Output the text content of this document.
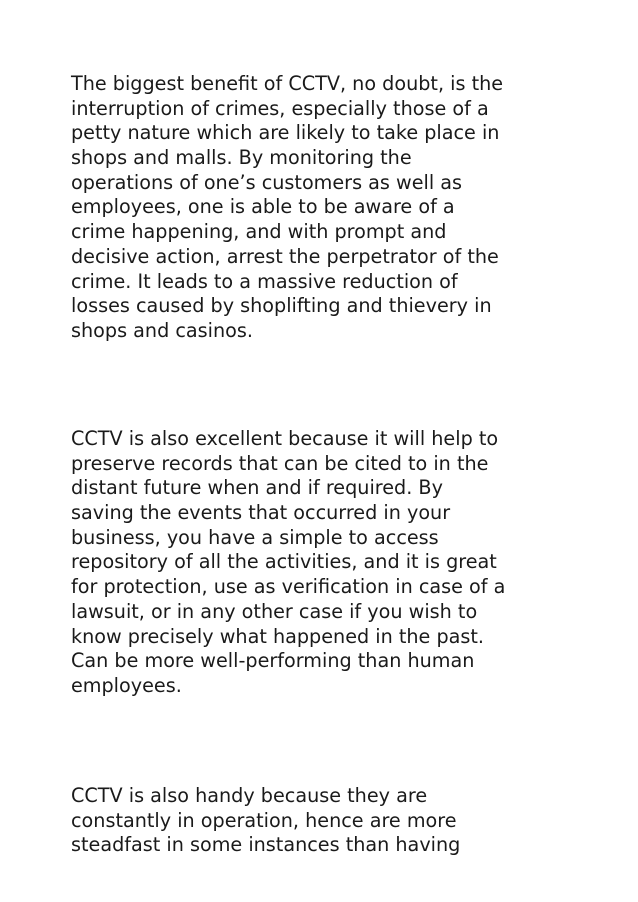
The biggest benefit of CCTV, no doubt, is the
interruption of crimes, especially those of a
petty nature which are likely to take place in
shops and malls. By monitoring the
operations of one’s customers as well as
employees, one is able to be aware of a
crime happening, and with prompt and
decisive action, arrest the perpetrator of the
crime. It leads to a massive reduction of
losses caused by shoplifting and thievery in
shops and casinos.

CCTV is also excellent because it will help to
preserve records that can be cited to in the
distant future when and if required. By
saving the events that occurred in your
business, you have a simple to access
repository of all the activities, and it is great
for protection, use as verification in case of a
lawsuit, or in any other case if you wish to
know precisely what happened in the past.
Can be more well-performing than human
employees.

CCTV is also handy because they are
constantly in operation, hence are more
steadfast in some instances than having
